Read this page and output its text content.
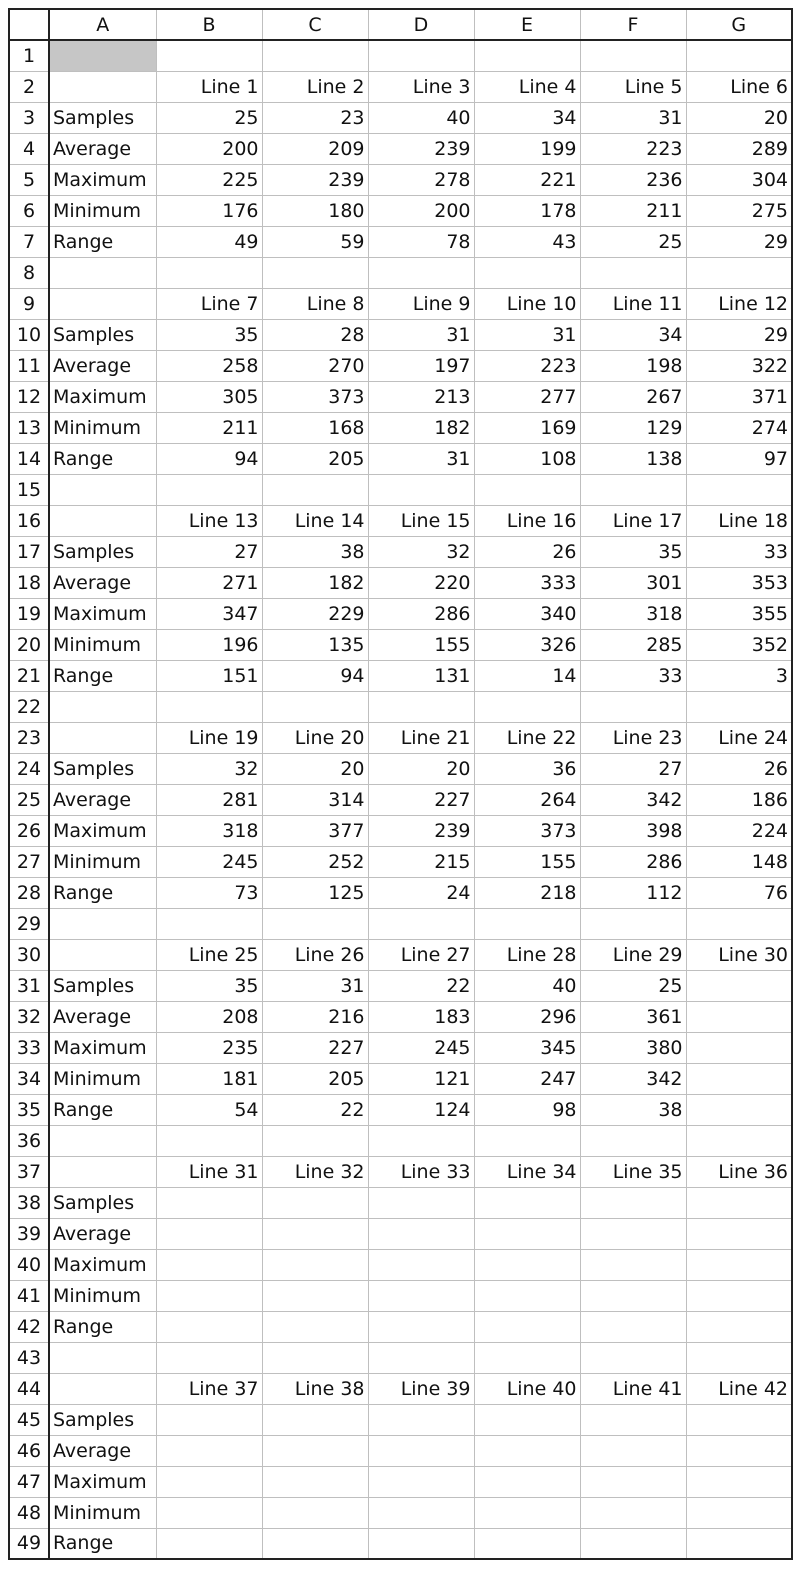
	A	B	C	D	E	F	G
1							
2		Line 1	Line 2	Line 3	Line 4	Line 5	Line 6
3	Samples	25	23	40	34	31	20
4	Average	200	209	239	199	223	289
5	Maximum	225	239	278	221	236	304
6	Minimum	176	180	200	178	211	275
7	Range	49	59	78	43	25	29
8							
9		Line 7	Line 8	Line 9	Line 10	Line 11	Line 12
10	Samples	35	28	31	31	34	29
11	Average	258	270	197	223	198	322
12	Maximum	305	373	213	277	267	371
13	Minimum	211	168	182	169	129	274
14	Range	94	205	31	108	138	97
15							
16		Line 13	Line 14	Line 15	Line 16	Line 17	Line 18
17	Samples	27	38	32	26	35	33
18	Average	271	182	220	333	301	353
19	Maximum	347	229	286	340	318	355
20	Minimum	196	135	155	326	285	352
21	Range	151	94	131	14	33	3
22							
23		Line 19	Line 20	Line 21	Line 22	Line 23	Line 24
24	Samples	32	20	20	36	27	26
25	Average	281	314	227	264	342	186
26	Maximum	318	377	239	373	398	224
27	Minimum	245	252	215	155	286	148
28	Range	73	125	24	218	112	76
29							
30		Line 25	Line 26	Line 27	Line 28	Line 29	Line 30
31	Samples	35	31	22	40	25	
32	Average	208	216	183	296	361	
33	Maximum	235	227	245	345	380	
34	Minimum	181	205	121	247	342	
35	Range	54	22	124	98	38	
36							
37		Line 31	Line 32	Line 33	Line 34	Line 35	Line 36
38	Samples						
39	Average						
40	Maximum						
41	Minimum						
42	Range						
43							
44		Line 37	Line 38	Line 39	Line 40	Line 41	Line 42
45	Samples						
46	Average						
47	Maximum						
48	Minimum						
49	Range						
